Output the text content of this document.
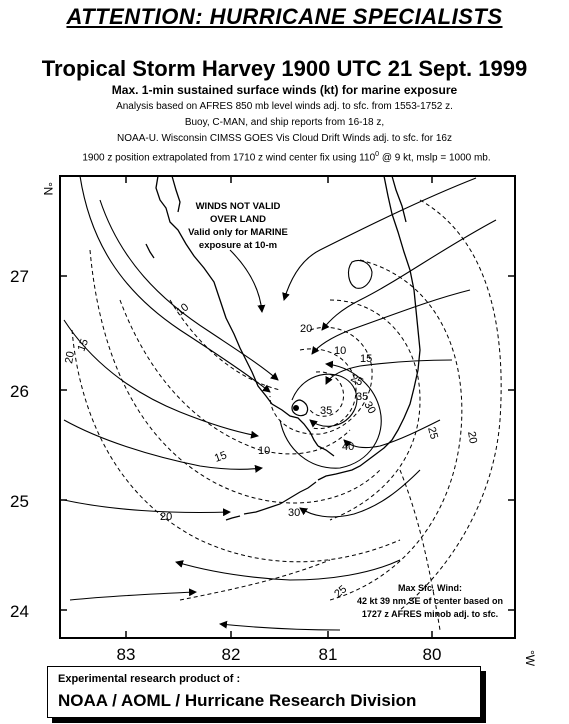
ATTENTION: HURRICANE SPECIALISTS
Tropical Storm Harvey 1900 UTC 21 Sept. 1999
Max. 1-min sustained surface winds (kt) for marine exposure
Analysis based on AFRES 850 mb level winds adj. to sfc. from 1553-1752 z.
Buoy, C-MAN, and ship reports from 16-18 z,
NOAA-U. Wisconsin CIMSS GOES Vis Cloud Drift Winds adj. to sfc. for 16z
1900 z position extrapolated from 1710 z wind center fix using $110^0$ @ 9 kt, mslp = 1000 mb.
20
15
10
10
15
20
25
30
35
40
10
15
20
25
30
20
25
35
27
26
25
24
83	82	81	80
°N
°W
WINDS NOT VALID
OVER LAND
Valid only for MARINE
exposure at 10-m
Max Sfc. Wind:
42 kt 39 nm SE of center based on
1727 z AFRES minob adj. to sfc.
Experimental research product of :
NOAA / AOML / Hurricane Research Division
